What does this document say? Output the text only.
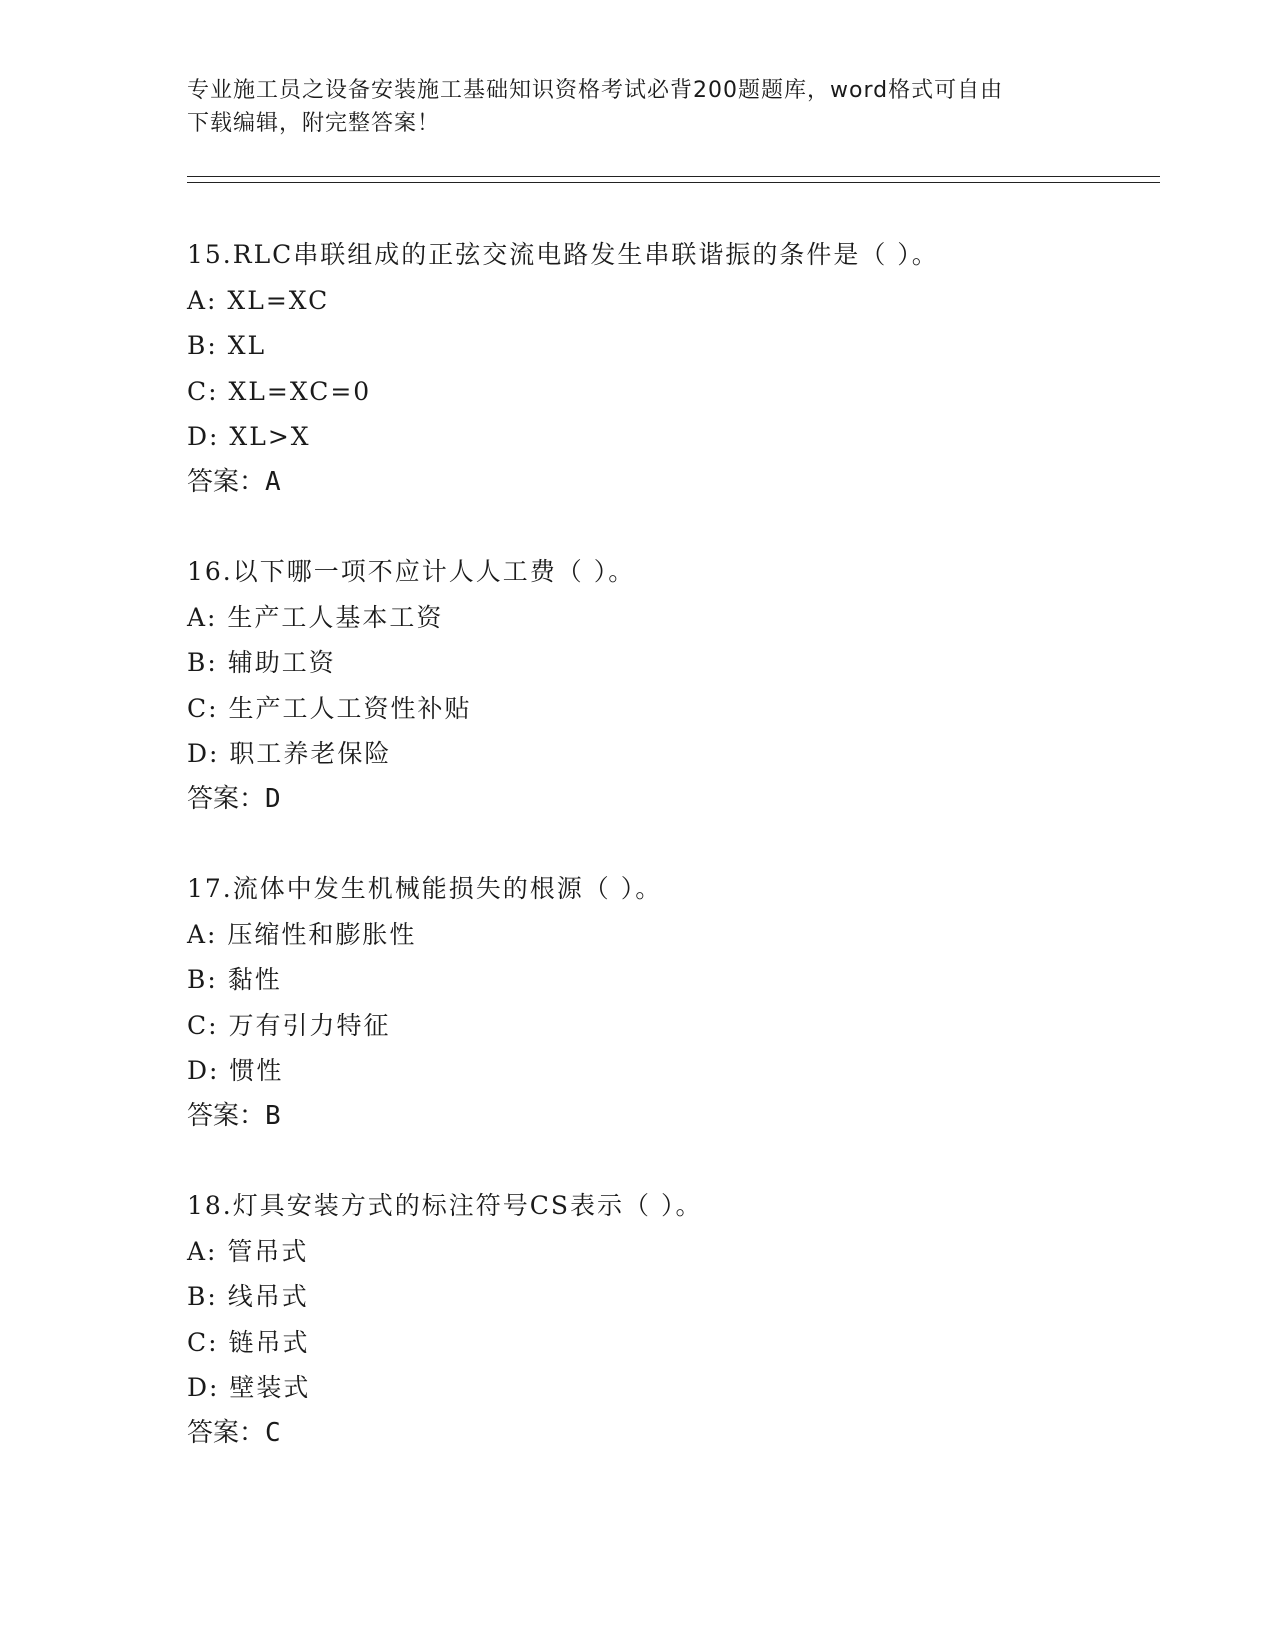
专业施工员之设备安装施工基础知识资格考试必背200题题库，word格式可自由
下载编辑，附完整答案！
15.RLC串联组成的正弦交流电路发生串联谐振的条件是（ ）。
A: XL=XC
B: XL
C: XL=XC=0
D: XL>X
答案：A
16.以下哪一项不应计人人工费（ ）。
A: 生产工人基本工资
B: 辅助工资
C: 生产工人工资性补贴
D: 职工养老保险
答案：D
17.流体中发生机械能损失的根源（ ）。
A: 压缩性和膨胀性
B: 黏性
C: 万有引力特征
D: 惯性
答案：B
18.灯具安装方式的标注符号CS表示（ ）。
A: 管吊式
B: 线吊式
C: 链吊式
D: 壁装式
答案：C
